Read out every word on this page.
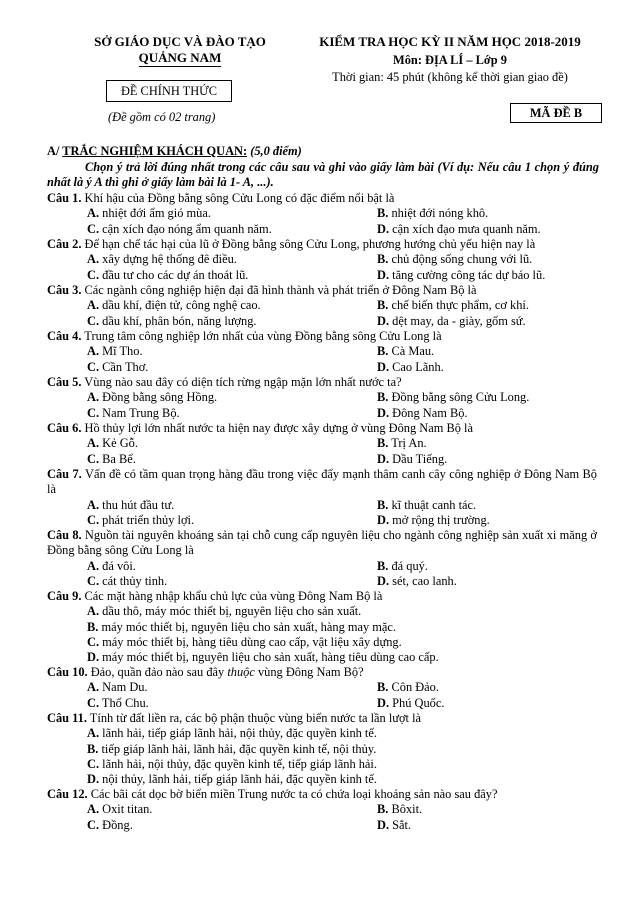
SỞ GIÁO DỤC VÀ ĐÀO TẠO
QUẢNG NAM
ĐỀ CHÍNH THỨC
(Đề gồm có 02 trang)
KIỂM TRA HỌC KỲ II NĂM HỌC 2018-2019
Môn: ĐỊA LÍ – Lớp 9
Thời gian: 45 phút (không kể thời gian giao đề)
MÃ ĐỀ B
A/ TRẮC NGHIỆM KHÁCH QUAN: (5,0 điểm)
Chọn ý trả lời đúng nhất trong các câu sau và ghi vào giấy làm bài (Ví dụ: Nếu câu 1 chọn ý đúng nhất là ý A thì ghi ở giấy làm bài là 1- A, ...).
Câu 1. Khí hậu của Đồng bằng sông Cửu Long có đặc điểm nổi bật là
A. nhiệt đới ẩm gió mùa.	B. nhiệt đới nóng khô.
C. cận xích đạo nóng ẩm quanh năm.	D. cận xích đạo mưa quanh năm.
Câu 2. Để hạn chế tác hại của lũ ở Đồng bằng sông Cửu Long, phương hướng chủ yếu hiện nay là
A. xây dựng hệ thống đê điều.	B. chủ động sống chung với lũ.
C. đầu tư cho các dự án thoát lũ.	D. tăng cường công tác dự báo lũ.
Câu 3. Các ngành công nghiệp hiện đại đã hình thành và phát triển ở Đông Nam Bộ là
A. dầu khí, điện tử, công nghệ cao.	B. chế biến thực phẩm, cơ khí.
C. dầu khí, phân bón, năng lượng.	D. dệt may, da - giày, gốm sứ.
Câu 4. Trung tâm công nghiệp lớn nhất của vùng Đồng bằng sông Cửu Long là
A. Mĩ Tho.	B. Cà Mau.
C. Cần Thơ.	D. Cao Lãnh.
Câu 5. Vùng nào sau đây có diện tích rừng ngập mặn lớn nhất nước ta?
A. Đồng bằng sông Hồng.	B. Đồng bằng sông Cửu Long.
C. Nam Trung Bộ.	D. Đông Nam Bộ.
Câu 6. Hồ thủy lợi lớn nhất nước ta hiện nay được xây dựng ở vùng Đông Nam Bộ là
A. Kẻ Gỗ.	B. Trị An.
C. Ba Bể.	D. Dầu Tiếng.
Câu 7. Vấn đề có tầm quan trọng hàng đầu trong việc đẩy mạnh thâm canh cây công nghiệp ở Đông Nam Bộ là
A. thu hút đầu tư.	B. kĩ thuật canh tác.
C. phát triển thủy lợi.	D. mở rộng thị trường.
Câu 8. Nguồn tài nguyên khoáng sản tại chỗ cung cấp nguyên liệu cho ngành công nghiệp sản xuất xi măng ở Đồng bằng sông Cửu Long là
A. đá vôi.	B. đá quý.
C. cát thủy tinh.	D. sét, cao lanh.
Câu 9. Các mặt hàng nhập khẩu chủ lực của vùng Đông Nam Bộ là
A. dầu thô, máy móc thiết bị, nguyên liệu cho sản xuất.
B. máy móc thiết bị, nguyên liệu cho sản xuất, hàng may mặc.
C. máy móc thiết bị, hàng tiêu dùng cao cấp, vật liệu xây dựng.
D. máy móc thiết bị, nguyên liệu cho sản xuất, hàng tiêu dùng cao cấp.
Câu 10. Đảo, quần đảo nào sau đây thuộc vùng Đông Nam Bộ?
A. Nam Du.	B. Côn Đảo.
C. Thổ Chu.	D. Phú Quốc.
Câu 11. Tính từ đất liền ra, các bộ phận thuộc vùng biển nước ta lần lượt là
A. lãnh hải, tiếp giáp lãnh hải, nội thủy, đặc quyền kinh tế.
B. tiếp giáp lãnh hải, lãnh hải, đặc quyền kinh tế, nội thủy.
C. lãnh hải, nội thủy, đặc quyền kinh tế, tiếp giáp lãnh hải.
D. nội thủy, lãnh hải, tiếp giáp lãnh hải, đặc quyền kinh tế.
Câu 12. Các bãi cát dọc bờ biển miền Trung nước ta có chứa loại khoáng sản nào sau đây?
A. Oxit titan.	B. Bôxit.
C. Đồng.	D. Sắt.
